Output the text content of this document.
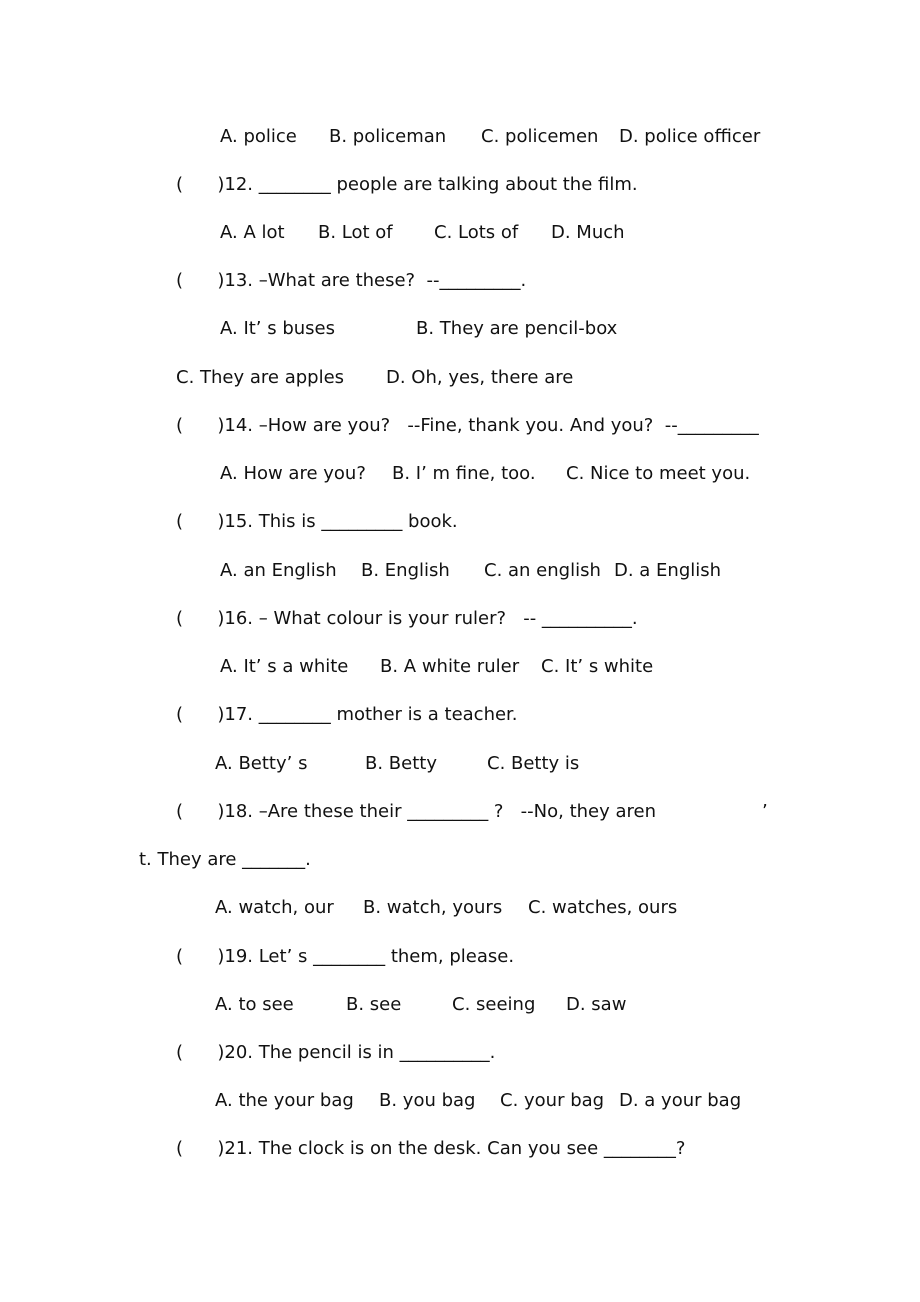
A. police B. policeman C. policemen D. police officer
(      )12. ________ people are talking about the film.
A. A lot B. Lot of C. Lots of D. Much
(      )13. –What are these?  --_________.
A. It’ s buses	B. They are pencil-box
C. They are apples D. Oh, yes, there are
(      )14. –How are you?   --Fine, thank you. And you?  --_________
A. How are you? B. I’ m fine, too. C. Nice to meet you.
(      )15. This is _________ book.
A. an English B. English C. an english D. a English
(      )16. – What colour is your ruler?   -- __________.
A. It’ s a white B. A white ruler C. It’ s white
(      )17. ________ mother is a teacher.
A. Betty’ s	B. Betty	C. Betty is
(      )18. –Are these their _________ ?   --No, they aren	’
t. They are _______.
A. watch, our B. watch, yours C. watches, ours
(      )19. Let’ s ________ them, please.
A. to see	B. see	C. seeing D. saw
(      )20. The pencil is in __________.
A. the your bag B. you bag C. your bag D. a your bag
(      )21. The clock is on the desk. Can you see ________?
